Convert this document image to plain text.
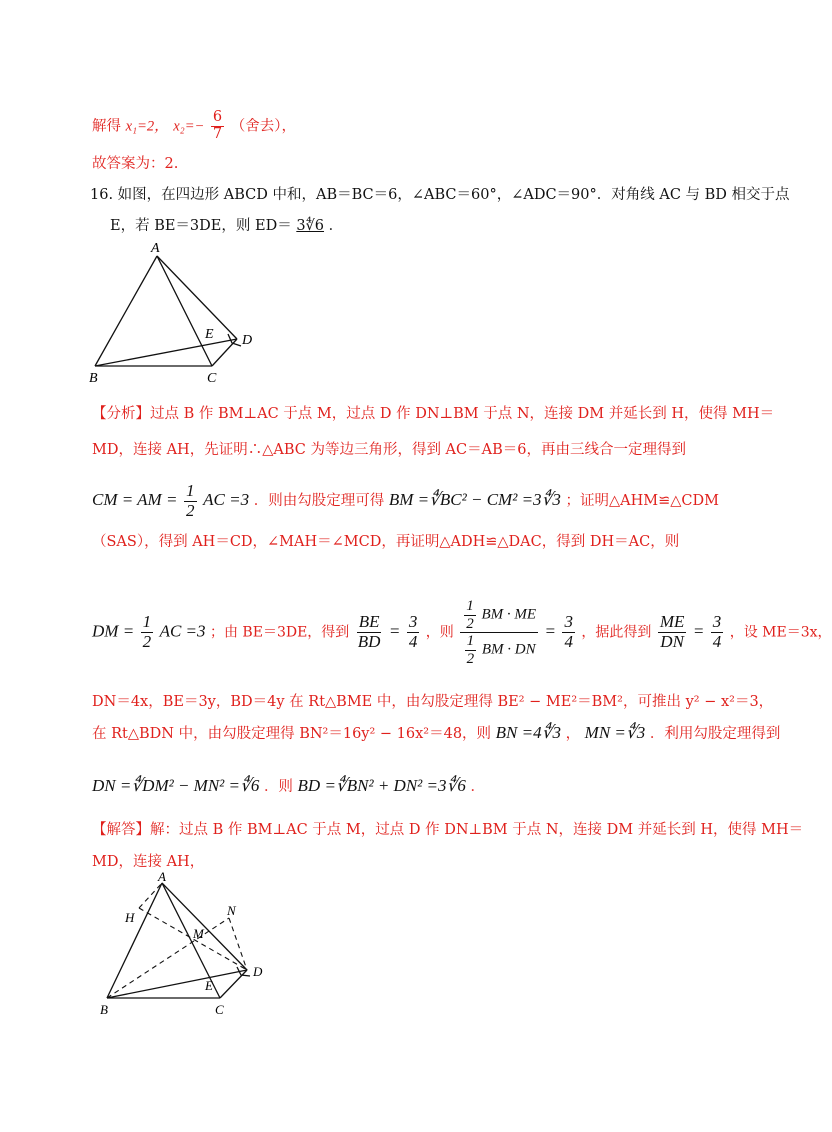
解得 x₁=2， $x_2=- \frac{6}{7}$ （舍去），
故答案为：2.
16. 如图，在四边形 ABCD 中和，AB＝BC＝6，∠ABC＝60°，∠ADC＝90°．对角线 AC 与 BD 相交于点
E，若 BE＝3DE，则 ED＝ 3∜6 ．
A
B	C
D
E
【分析】过点 B 作 BM⊥AC 于点 M，过点 D 作 DN⊥BM 于点 N，连接 DM 并延长到 H，使得 MH＝
MD，连接 AH，先证明∴△ABC 为等边三角形，得到 AC＝AB＝6，再由三线合一定理得到
CM = AM = $\frac{1}{2}$ AC =3 ．则由勾股定理可得 BM =∜BC² − CM² =3∜3 ；证明△AHM≌△CDM
（SAS），得到 AH＝CD，∠MAH＝∠MCD，再证明△ADH≌△DAC，得到 DH＝AC，则
DM = $\frac{1}{2}$ AC =3 ；由 BE＝3DE，得到 $\frac{BE}{BD} = \frac{3}{4}$ ，则 $\frac{\frac{1}{2} BM \cdot ME}{\frac{1}{2} BM \cdot DN} = \frac{3}{4}$ ，据此得到 $\frac{ME}{DN} = \frac{3}{4}$ ，设 ME＝3x，
DN＝4x，BE＝3y，BD＝4y 在 Rt△BME 中，由勾股定理得 BE² − ME²＝BM²，可推出 y² − x²＝3，
在 Rt△BDN 中，由勾股定理得 BN²＝16y² − 16x²＝48，则 BN =4∜3 ， MN =∜3 ．利用勾股定理得到
DN =∜DM² − MN² =∜6 ．则 BD =∜BN² + DN² =3∜6 ．
【解答】解：过点 B 作 BM⊥AC 于点 M，过点 D 作 DN⊥BM 于点 N，连接 DM 并延长到 H，使得 MH＝
MD，连接 AH，
A
B	C
D
E
H
M
N
